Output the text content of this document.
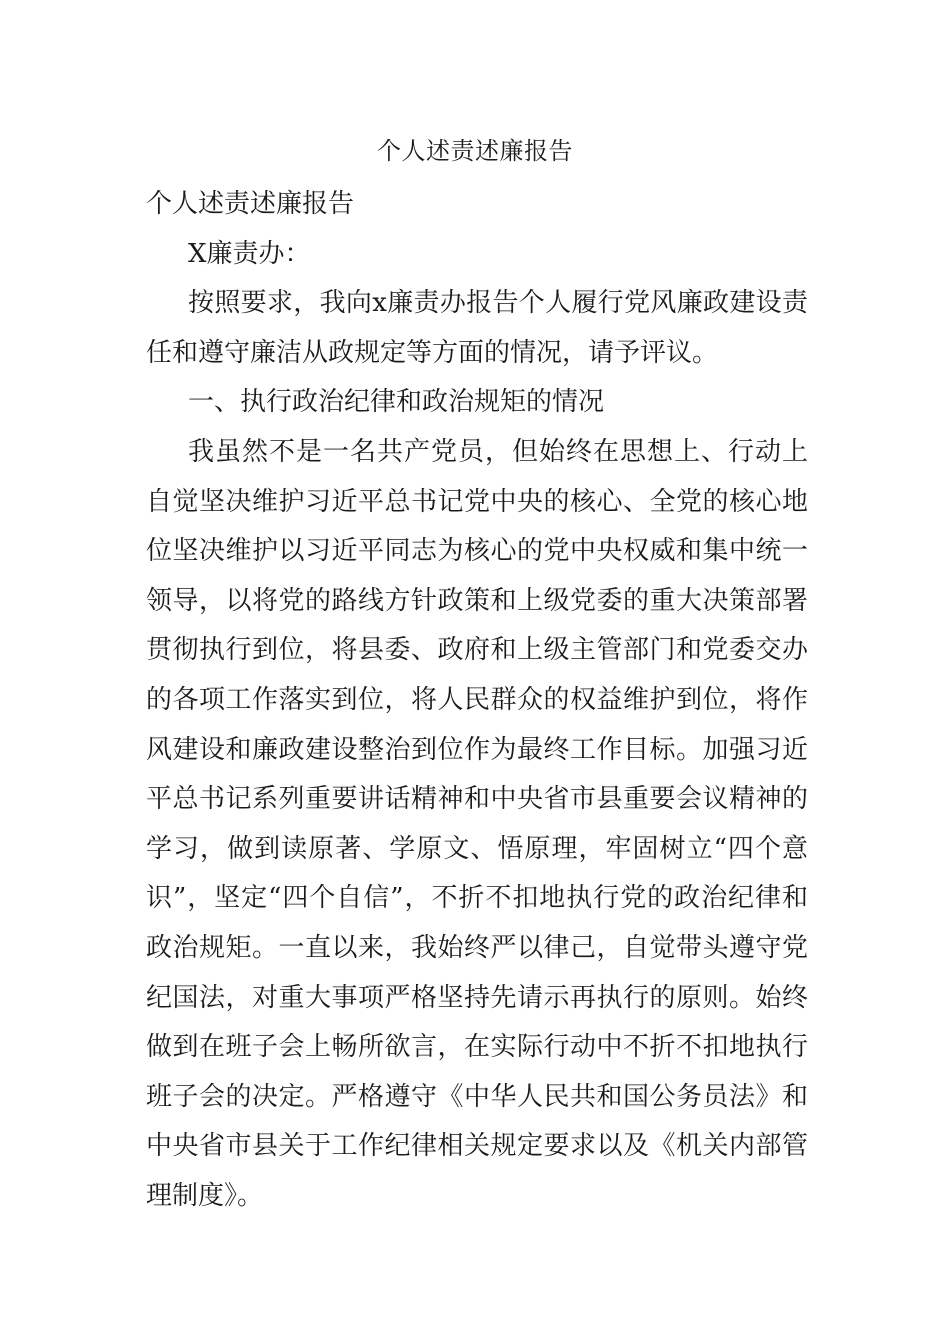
个人述责述廉报告

个人述责述廉报告

X廉责办：

按照要求，我向x廉责办报告个人履行党风廉政建设责任和遵守廉洁从政规定等方面的情况，请予评议。

一、执行政治纪律和政治规矩的情况

我虽然不是一名共产党员，但始终在思想上、行动上自觉坚决维护习近平总书记党中央的核心、全党的核心地位坚决维护以习近平同志为核心的党中央权威和集中统一领导，以将党的路线方针政策和上级党委的重大决策部署贯彻执行到位，将县委、政府和上级主管部门和党委交办的各项工作落实到位，将人民群众的权益维护到位，将作风建设和廉政建设整治到位作为最终工作目标。加强习近平总书记系列重要讲话精神和中央省市县重要会议精神的学习，做到读原著、学原文、悟原理，牢固树立“四个意识”，坚定“四个自信”，不折不扣地执行党的政治纪律和政治规矩。一直以来，我始终严以律己，自觉带头遵守党纪国法，对重大事项严格坚持先请示再执行的原则。始终做到在班子会上畅所欲言，在实际行动中不折不扣地执行班子会的决定。严格遵守《中华人民共和国公务员法》和中央省市县关于工作纪律相关规定要求以及《机关内部管理制度》。
